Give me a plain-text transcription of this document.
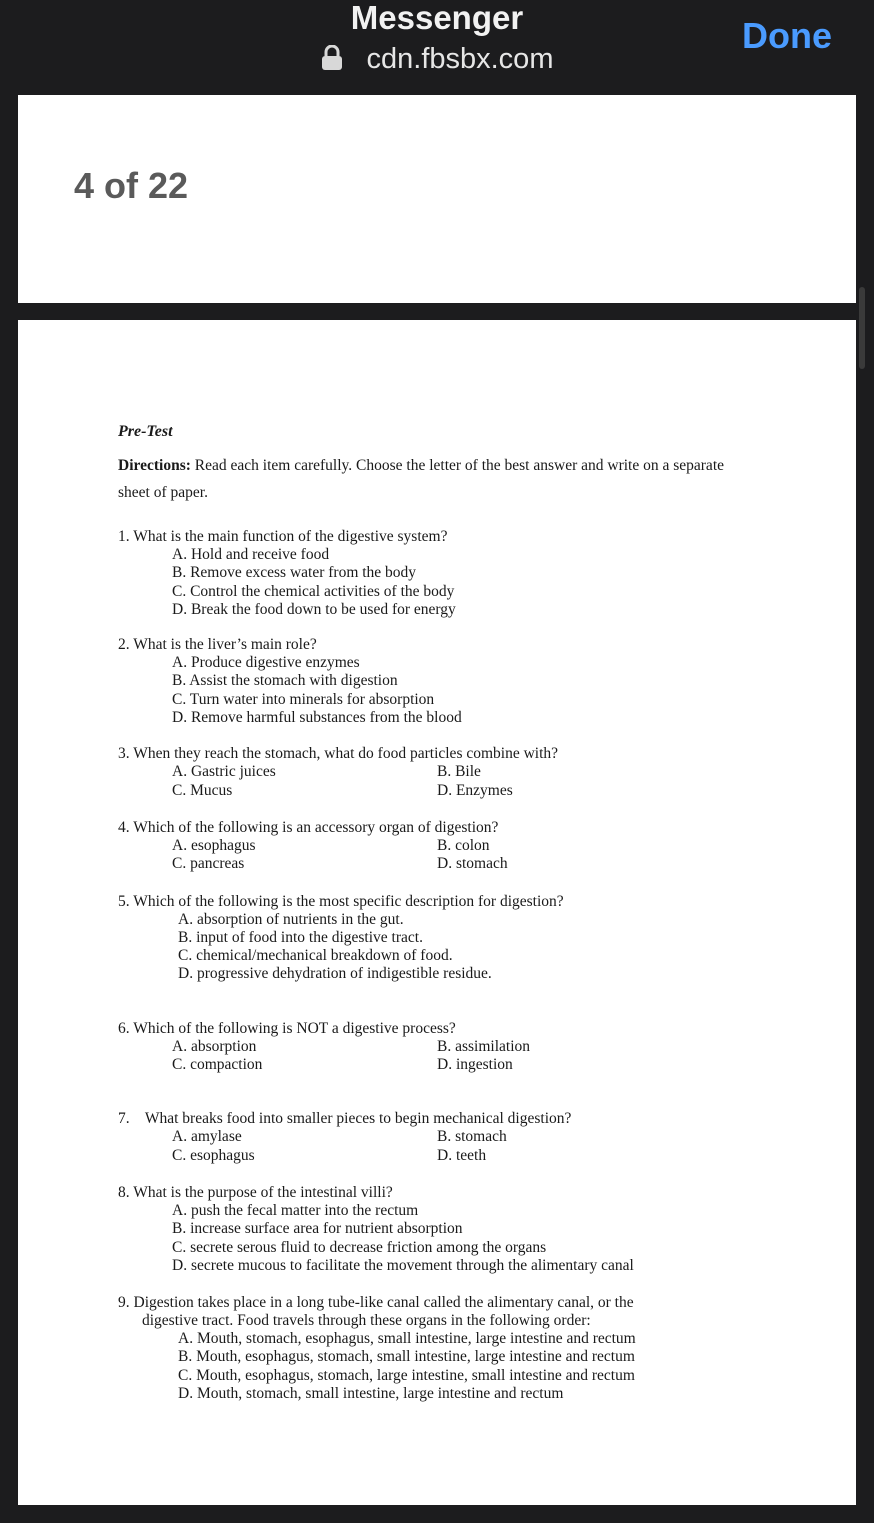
Messenger
cdn.fbsbx.com
Done
4 of 22
Pre-Test
Directions: Read each item carefully. Choose the letter of the best answer and write on a separate sheet of paper.
1. What is the main function of the digestive system?
A. Hold and receive food
B. Remove excess water from the body
C. Control the chemical activities of the body
D. Break the food down to be used for energy
2. What is the liver’s main role?
A. Produce digestive enzymes
B. Assist the stomach with digestion
C. Turn water into minerals for absorption
D. Remove harmful substances from the blood
3. When they reach the stomach, what do food particles combine with?
A. Gastric juices	B. Bile
C. Mucus	D. Enzymes
4. Which of the following is an accessory organ of digestion?
A. esophagus	B. colon
C. pancreas	D. stomach
5. Which of the following is the most specific description for digestion?
A. absorption of nutrients in the gut.
B. input of food into the digestive tract.
C. chemical/mechanical breakdown of food.
D. progressive dehydration of indigestible residue.
6. Which of the following is NOT a digestive process?
A. absorption	B. assimilation
C. compaction	D. ingestion
7.    What breaks food into smaller pieces to begin mechanical digestion?
A. amylase	B. stomach
C. esophagus	D. teeth
8. What is the purpose of the intestinal villi?
A. push the fecal matter into the rectum
B. increase surface area for nutrient absorption
C. secrete serous fluid to decrease friction among the organs
D. secrete mucous to facilitate the movement through the alimentary canal
9. Digestion takes place in a long tube-like canal called the alimentary canal, or the
digestive tract. Food travels through these organs in the following order:
A. Mouth, stomach, esophagus, small intestine, large intestine and rectum
B. Mouth, esophagus, stomach, small intestine, large intestine and rectum
C. Mouth, esophagus, stomach, large intestine, small intestine and rectum
D. Mouth, stomach, small intestine, large intestine and rectum
